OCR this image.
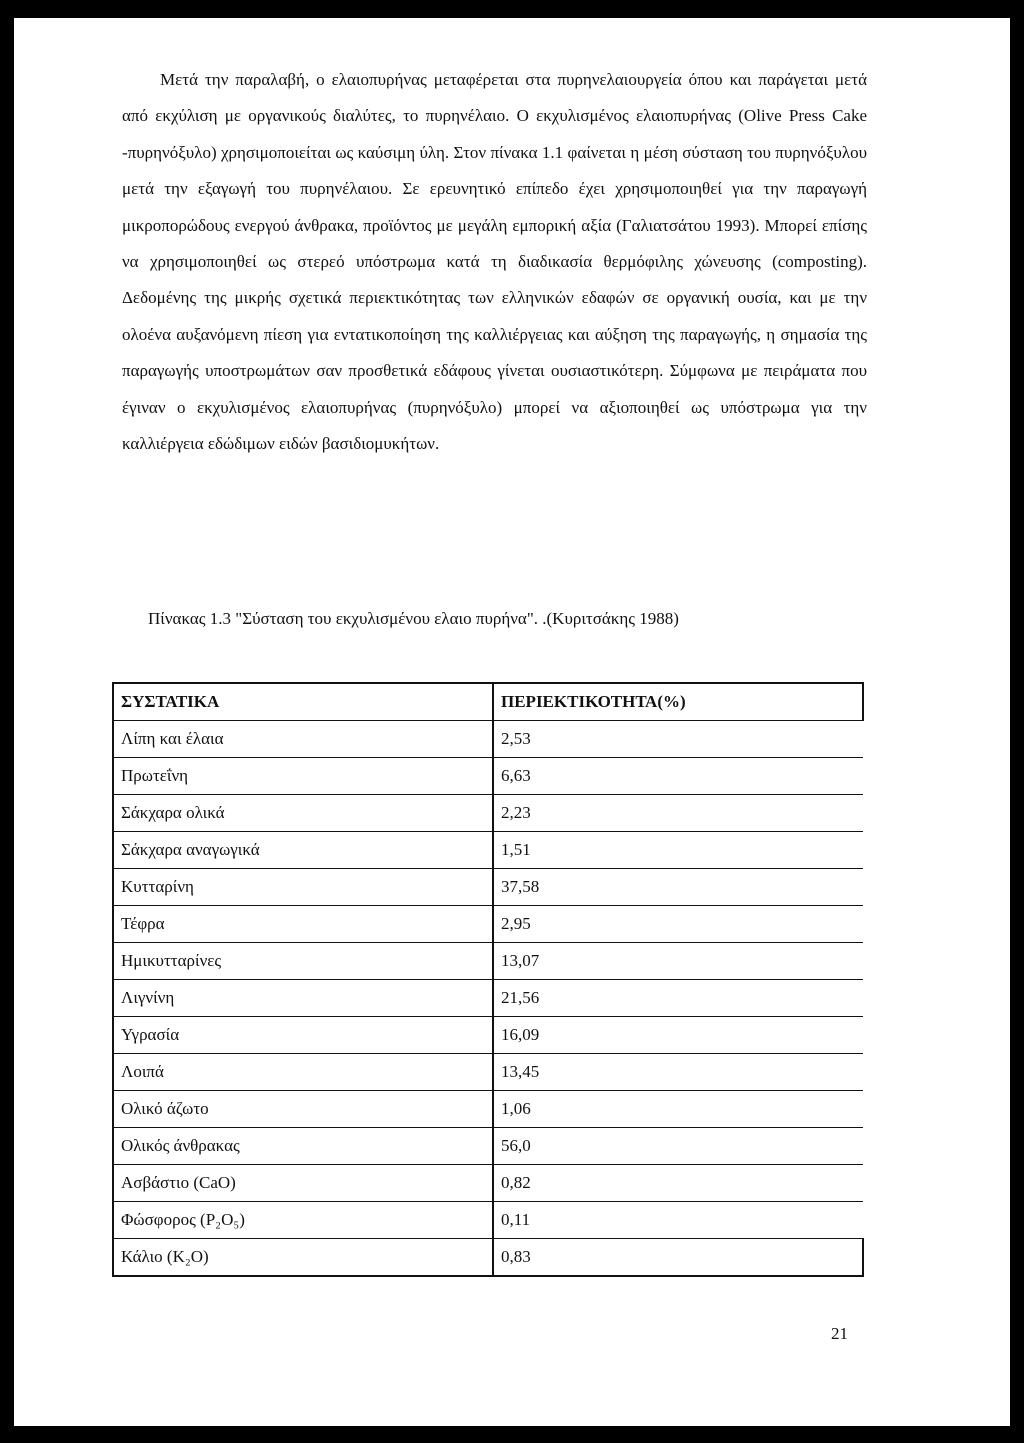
Μετά την παραλαβή, ο ελαιοπυρήνας μεταφέρεται στα πυρηνελαιουργεία όπου και παράγεται μετά από εκχύλιση με οργανικούς διαλύτες, το πυρηνέλαιο. Ο εκχυλισμένος ελαιοπυρήνας (Olive Press Cake -πυρηνόξυλο) χρησιμοποιείται ως καύσιμη ύλη. Στον πίνακα 1.1 φαίνεται η μέση σύσταση του πυρηνόξυλου μετά την εξαγωγή του πυρηνέλαιου. Σε ερευνητικό επίπεδο έχει χρησιμοποιηθεί για την παραγωγή μικροπορώδους ενεργού άνθρακα, προϊόντος με μεγάλη εμπορική αξία (Γαλιατσάτου 1993). Μπορεί επίσης να χρησιμοποιηθεί ως στερεό υπόστρωμα κατά τη διαδικασία θερμόφιλης χώνευσης (composting). Δεδομένης της μικρής σχετικά περιεκτικότητας των ελληνικών εδαφών σε οργανική ουσία, και με την ολοένα αυξανόμενη πίεση για εντατικοποίηση της καλλιέργειας και αύξηση της παραγωγής, η σημασία της παραγωγής υποστρωμάτων σαν προσθετικά εδάφους γίνεται ουσιαστικότερη. Σύμφωνα με πειράματα που έγιναν ο εκχυλισμένος ελαιοπυρήνας (πυρηνόξυλο) μπορεί να αξιοποιηθεί ως υπόστρωμα για την καλλιέργεια εδώδιμων ειδών βασιδιομυκήτων.

Πίνακας 1.3 "Σύσταση του εκχυλισμένου ελαιο πυρήνα". .(Κυριτσάκης 1988)

ΣΥΣΤΑΤΙΚΑ	ΠΕΡΙΕΚΤΙΚΟΤΗΤΑ(%)
Λίπη και έλαια	2,53
Πρωτεΐνη	6,63
Σάκχαρα ολικά	2,23
Σάκχαρα αναγωγικά	1,51
Κυτταρίνη	37,58
Τέφρα	2,95
Ημικυτταρίνες	13,07
Λιγνίνη	21,56
Υγρασία	16,09
Λοιπά	13,45
Ολικό άζωτο	1,06
Ολικός άνθρακας	56,0
Ασβάστιο (CaO)	0,82
Φώσφορος (P₂O₅)	0,11
Κάλιο (K₂O)	0,83
21
